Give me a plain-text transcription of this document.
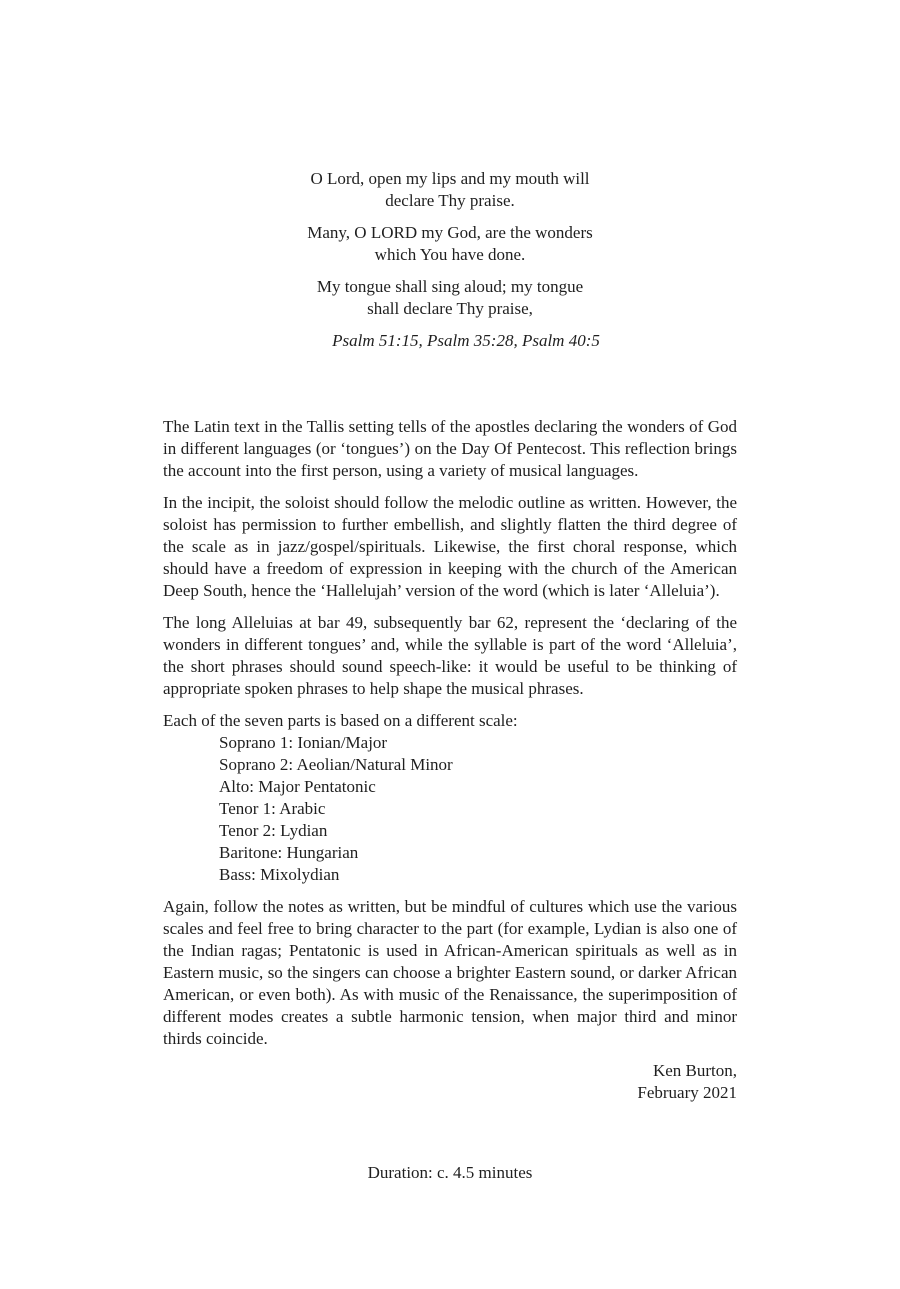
O Lord, open my lips and my mouth will
declare Thy praise.
Many, O LORD my God, are the wonders
which You have done.
My tongue shall sing aloud; my tongue
shall declare Thy praise,
Psalm 51:15, Psalm 35:28, Psalm 40:5

The Latin text in the Tallis setting tells of the apostles declaring the wonders of God in different languages (or ‘tongues’) on the Day Of Pentecost. This reflection brings the account into the first person, using a variety of musical languages.

In the incipit, the soloist should follow the melodic outline as written. However, the soloist has permission to further embellish, and slightly flatten the third degree of the scale as in jazz/gospel/spirituals. Likewise, the first choral response, which should have a freedom of expression in keeping with the church of the American Deep South, hence the ‘Hallelujah’ version of the word (which is later ‘Alleluia’).

The long Alleluias at bar 49, subsequently bar 62, represent the ‘declaring of the wonders in different tongues’ and, while the syllable is part of the word ‘Alleluia’, the short phrases should sound speech-like: it would be useful to be thinking of appropriate spoken phrases to help shape the musical phrases.

Each of the seven parts is based on a different scale:
Soprano 1: Ionian/Major
Soprano 2: Aeolian/Natural Minor
Alto: Major Pentatonic
Tenor 1: Arabic
Tenor 2: Lydian
Baritone: Hungarian
Bass: Mixolydian

Again, follow the notes as written, but be mindful of cultures which use the various scales and feel free to bring character to the part (for example, Lydian is also one of the Indian ragas; Pentatonic is used in African-American spirituals as well as in Eastern music, so the singers can choose a brighter Eastern sound, or darker African American, or even both). As with music of the Renaissance, the superimposition of different modes creates a subtle harmonic tension, when major third and minor thirds coincide.

Ken Burton,
February 2021
Duration: c. 4.5 minutes
